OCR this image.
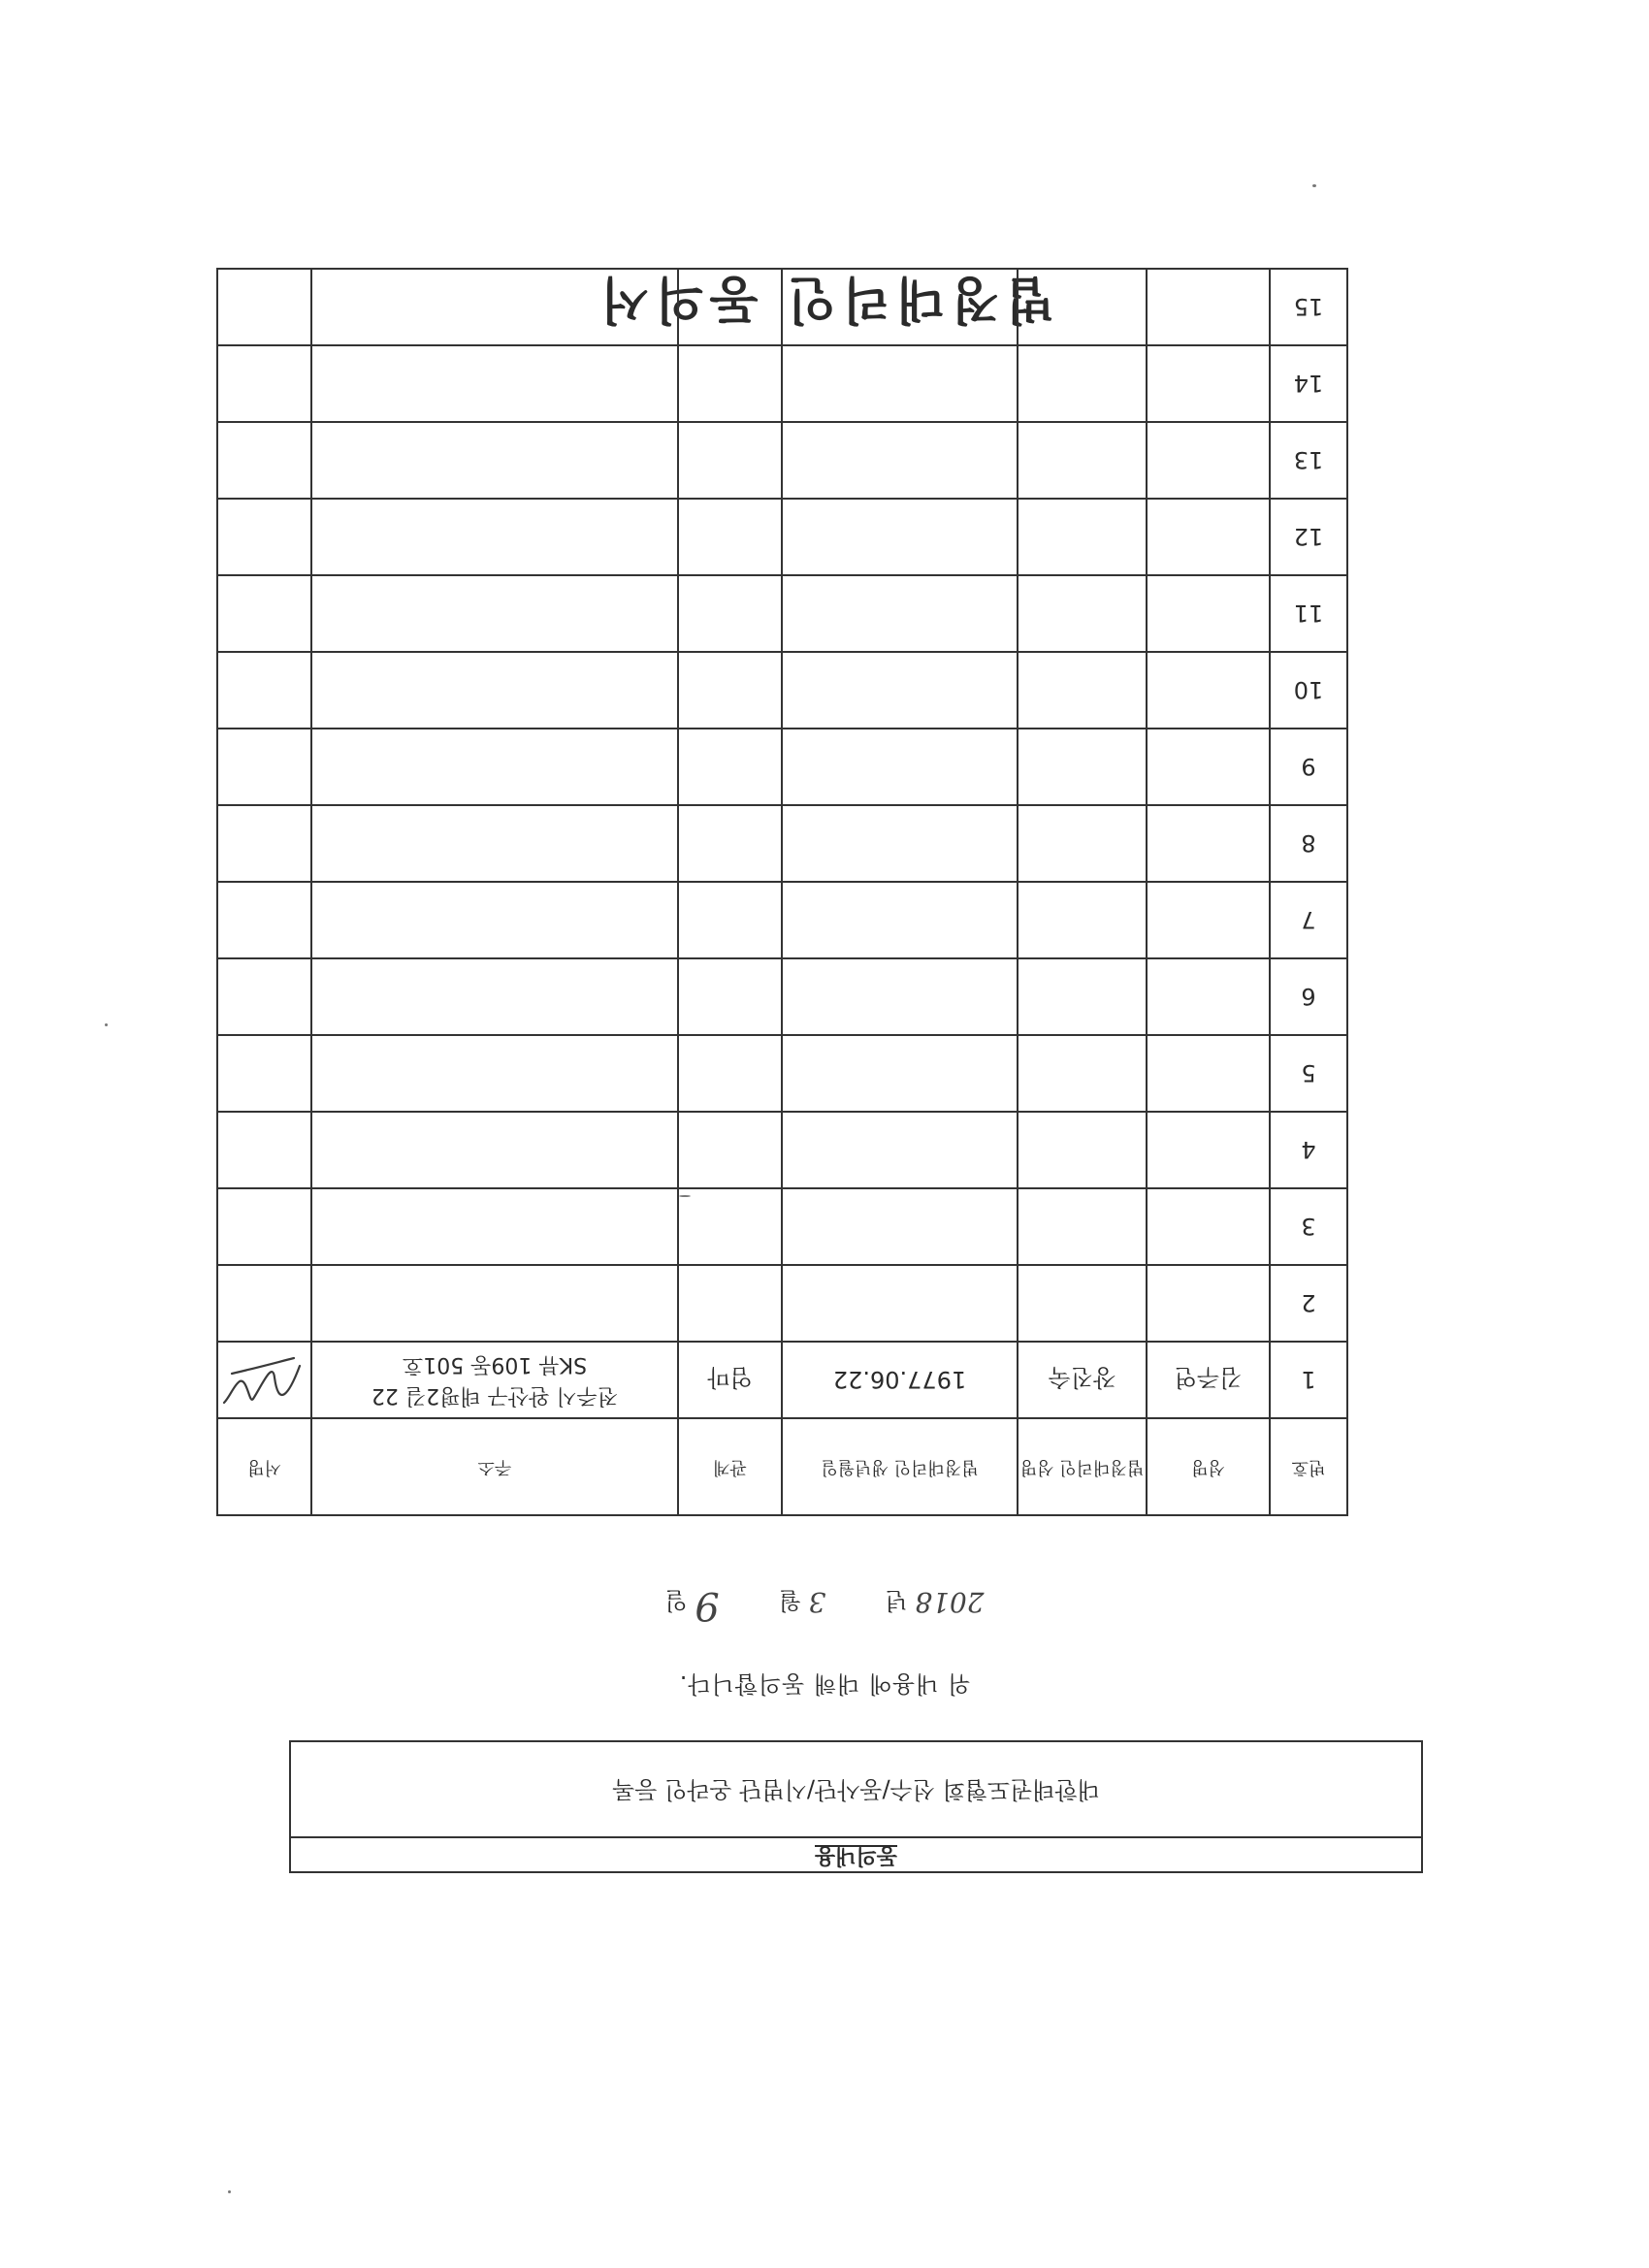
법정대리인 동의서
동의내용
대한태권도협회 선수/동사단/시범단 온라인 등록
위 내용에 대해 동의합니다.
2018 년        3 월        9 일
번호	성명	법정대리인 성명	법정대리인 생년월일	관계	주소	서명
1	김주연	장진숙	1977.06.22	엄마	전주시 완산구 태평2길 22
SK뷰 109동 501호

2					

3					

4					

5					

6					

7					

8					

9					

10					

11					

12					

13					

14					

15					
